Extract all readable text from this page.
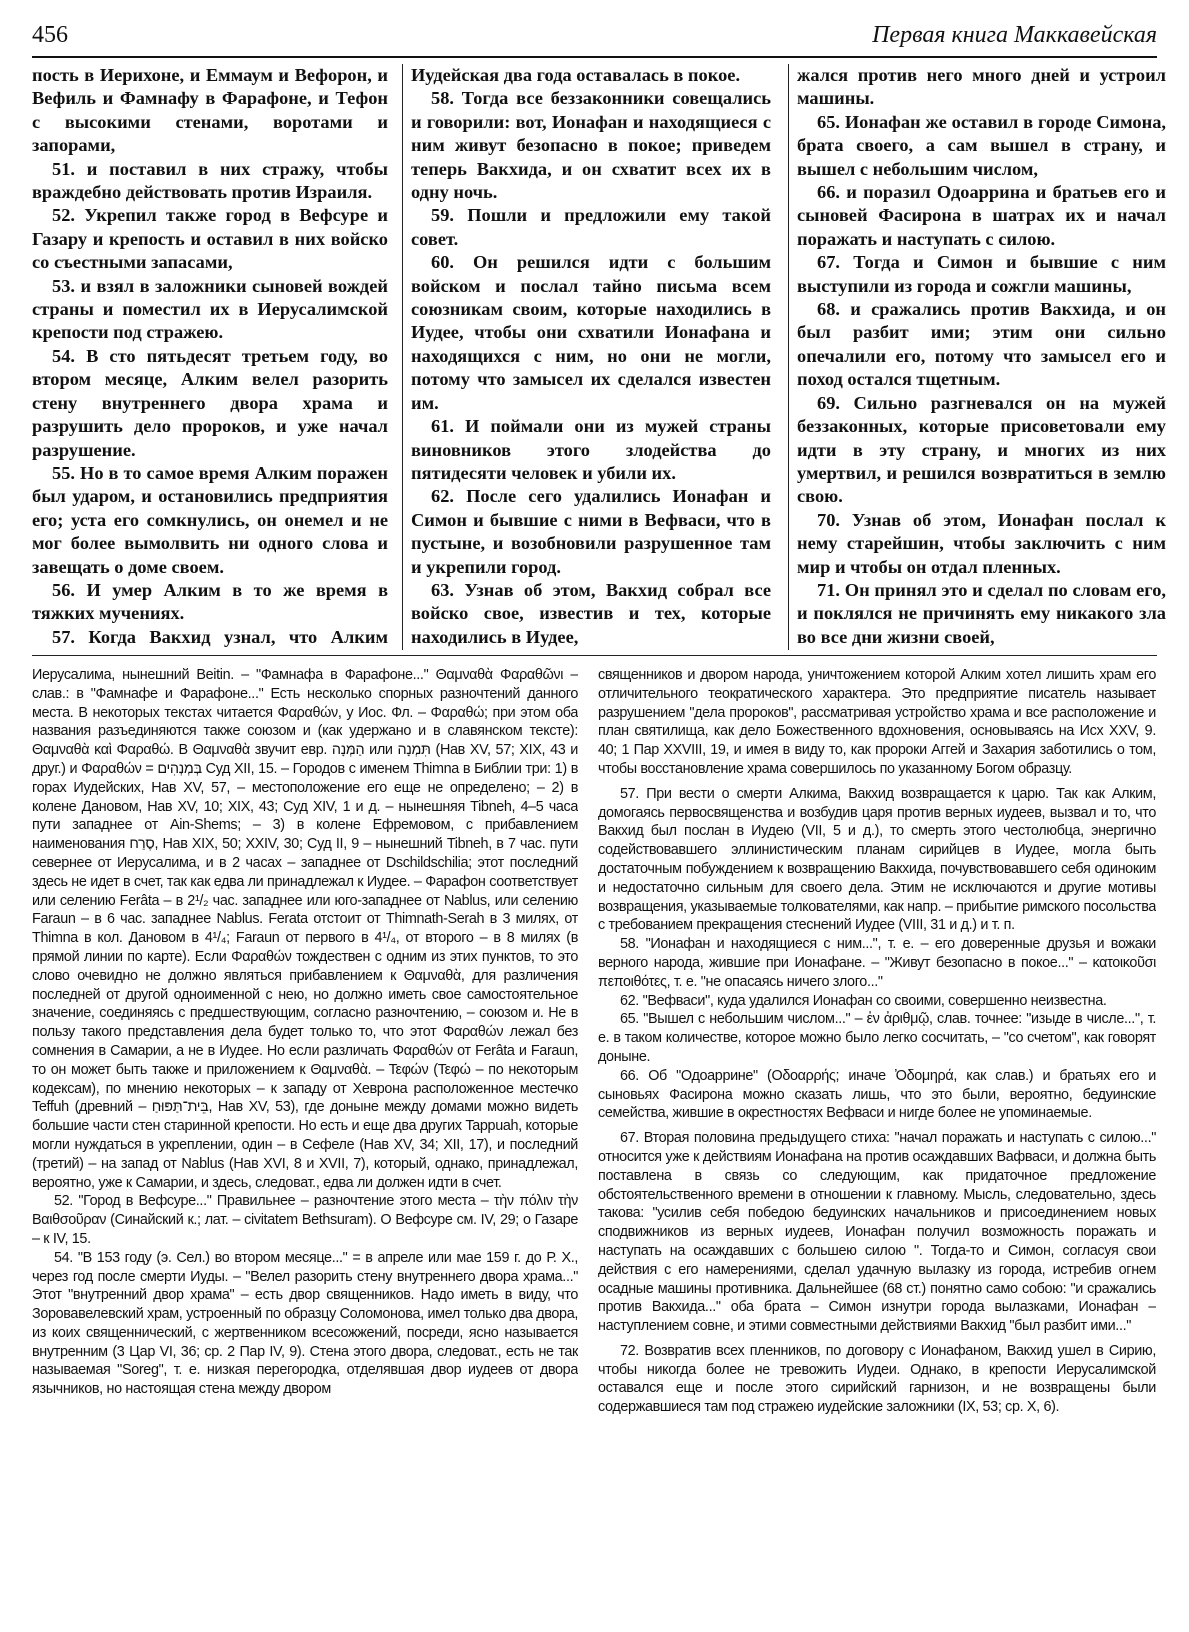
456	Первая книга Маккавейская

пость в Иерихоне, и Еммаум и Вефорон, и Вефиль и Фамнафу в Фарафоне, и Тефон с высокими стенами, воротами и запорами,

51. и поставил в них стражу, чтобы враждебно действовать против Израиля.

52. Укрепил также город в Вефсуре и Газару и крепость и оставил в них войско со съестными запасами,

53. и взял в заложники сыновей вождей страны и поместил их в Иерусалимской крепости под стражею.

54. В сто пятьдесят третьем году, во втором месяце, Алким велел разорить стену внутреннего двора храма и разрушить дело пророков, и уже начал разрушение.

55. Но в то самое время Алким поражен был ударом, и остановились предприятия его; уста его сомкнулись, он онемел и не мог более вымолвить ни одного слова и завещать о доме своем.

56. И умер Алким в то же время в тяжких мучениях.

57. Когда Вакхид узнал, что Алким

Иудейская два года оставалась в покое.

58. Тогда все беззаконники совещались и говорили: вот, Ионафан и находящиеся с ним живут безопасно в покое; приведем теперь Вакхида, и он схватит всех их в одну ночь.

59. Пошли и предложили ему такой совет.

60. Он решился идти с большим войском и послал тайно письма всем союзникам своим, которые находились в Иудее, чтобы они схватили Ионафана и находящихся с ним, но они не могли, потому что замысел их сделался известен им.

61. И поймали они из мужей страны виновников этого злодейства до пятидесяти человек и убили их.

62. После сего удалились Ионафан и Симон и бывшие с ними в Вефваси, что в пустыне, и возобновили разрушенное там и укрепили город.

63. Узнав об этом, Вакхид собрал все войско свое, известив и тех, которые находились в Иудее,

жался против него много дней и устроил машины.

65. Ионафан же оставил в городе Симона, брата своего, а сам вышел в страну, и вышел с небольшим числом,

66. и поразил Одоаррина и братьев его и сыновей Фасирона в шатрах их и начал поражать и наступать с силою.

67. Тогда и Симон и бывшие с ним выступили из города и сожгли машины,

68. и сражались против Вакхида, и он был разбит ими; этим они сильно опечалили его, потому что замысел его и поход остался тщетным.

69. Сильно разгневался он на мужей беззаконных, которые присоветовали ему идти в эту страну, и многих из них умертвил, и решился возвратиться в землю свою.

70. Узнав об этом, Ионафан послал к нему старейшин, чтобы заключить с ним мир и чтобы он отдал пленных.

71. Он принял это и сделал по словам его, и поклялся не причинять ему никакого зла во все дни жизни своей,

Иерусалима, нынешний Beitin. – "Фамнафа в Фарафоне..." Θαμναθὰ Φαραθῶνι – слав.: в "Фамнафе и Фарафоне..." Есть несколько спорных разночтений данного места. В некоторых текстах читается Φαραθών, у Иос. Фл. – Φαραθώ; при этом оба названия разъединяются также союзом и (как удержано и в славянском тексте): Θαμναθὰ καὶ Φαραθώ. В Θαμναθὰ звучит евр. הַמְּנָה или תִּמְנָה (Нав XV, 57; XIX, 43 и друг.) и Φαραθών = בְּמְנְהִים Суд XII, 15. – Городов с именем Thimna в Библии три: 1) в горах Иудейских, Нав XV, 57, – местоположение его еще не определено; – 2) в колене Дановом, Нав XV, 10; XIX, 43; Суд XIV, 1 и д. – нынешняя Tibneh, 4–5 часа пути западнее от Ain-Shems; – 3) в колене Ефремовом, с прибавлением наименования סֶרַח, Нав XIX, 50; XXIV, 30; Суд II, 9 – нынешний Tibneh, в 7 час. пути севернее от Иерусалима, и в 2 часах – западнее от Dschildschilia; этот последний здесь не идет в счет, так как едва ли принадлежал к Иудее. – Фарафон соответствует или селению Ferâta – в 2¹/₂ час. западнее или юго-западнее от Nablus, или селению Faraun – в 6 час. западнее Nablus. Ferata отстоит от Thimnath-Serah в 3 милях, от Thimna в кол. Дановом в 4¹/₄; Faraun от первого в 4¹/₄, от второго – в 8 милях (в прямой линии по карте). Если Φαραθών тождествен с одним из этих пунктов, то это слово очевидно не должно являться прибавлением к Θαμναθὰ, для различения последней от другой одноименной с нею, но должно иметь свое самостоятельное значение, соединяясь с предшествующим, согласно разночтению, – союзом и. Не в пользу такого представления дела будет только то, что этот Φαραθών лежал без сомнения в Самарии, а не в Иудее. Но если различать Φαραθών от Ferâta и Faraun, то он может быть также и приложением к Θαμναθὰ. – Τεφών (Τεφώ – по некоторым кодексам), по мнению некоторых – к западу от Хеврона расположенное местечко Teffuh (древний – בֵּית־תַּפּוּחַ, Нав XV, 53), где доныне между домами можно видеть большие части стен старинной крепости. Но есть и еще два других Tappuah, которые могли нуждаться в укреплении, один – в Сефеле (Нав XV, 34; XII, 17), и последний (третий) – на запад от Nablus (Нав XVI, 8 и XVII, 7), который, однако, принадлежал, вероятно, уже к Самарии, и здесь, следоват., едва ли должен идти в счет.

52. "Город в Вефсуре..." Правильнее – разночтение этого места – τὴν πόλιν τὴν Βαιθσοῦραν (Синайский к.; лат. – civitatem Bethsuram). О Вефсуре см. IV, 29; о Газаре – к IV, 15.

54. "В 153 году (э. Сел.) во втором месяце..." = в апреле или мае 159 г. до Р. Х., через год после смерти Иуды. – "Велел разорить стену внутреннего двора храма..." Этот "внутренний двор храма" – есть двор священников. Надо иметь в виду, что Зоровавелевский храм, устроенный по образцу Соломонова, имел только два двора, из коих священнический, с жертвенником всесожжений, посреди, ясно называется внутренним (3 Цар VI, 36; ср. 2 Пар IV, 9). Стена этого двора, следоват., есть не так называемая "Soreg", т. е. низкая перегородка, отделявшая двор иудеев от двора язычников, но настоящая стена между двором

священников и двором народа, уничтожением которой Алким хотел лишить храм его отличительного теократического характера. Это предприятие писатель называет разрушением "дела пророков", рассматривая устройство храма и все расположение и план святилища, как дело Божественного вдохновения, основываясь на Исх XXV, 9. 40; 1 Пар XXVIII, 19, и имея в виду то, как пророки Аггей и Захария заботились о том, чтобы восстановление храма совершилось по указанному Богом образцу.

57. При вести о смерти Алкима, Вакхид возвращается к царю. Так как Алким, домогаясь первосвященства и возбудив царя против верных иудеев, вызвал и то, что Вакхид был послан в Иудею (VII, 5 и д.), то смерть этого честолюбца, энергично содействовавшего эллинистическим планам сирийцев в Иудее, могла быть достаточным побуждением к возвращению Вакхида, почувствовавшего себя одиноким и недостаточно сильным для своего дела. Этим не исключаются и другие мотивы возвращения, указываемые толкователями, как напр. – прибытие римского посольства с требованием прекращения стеснений Иудее (VIII, 31 и д.) и т. п.

58. "Ионафан и находящиеся с ним...", т. е. – его доверенные друзья и вожаки верного народа, жившие при Ионафане. – "Живут безопасно в покое..." – κατοικοῦσι πεποιθότες, т. е. "не опасаясь ничего злого..."

62. "Вефваси", куда удалился Ионафан со своими, совершенно неизвестна.

65. "Вышел с небольшим числом..." – ἐν ἀριθμῷ, слав. точнее: "изыде в числе...", т. е. в таком количестве, которое можно было легко сосчитать, – "со счетом", как говорят доныне.

66. Об "Одоаррине" (Οδοαρρής; иначе Ὀδομηρά, как слав.) и братьях его и сыновьях Фасирона можно сказать лишь, что это были, вероятно, бедуинские семейства, жившие в окрестностях Вефваси и нигде более не упоминаемые.

67. Вторая половина предыдущего стиха: "начал поражать и наступать с силою..." относится уже к действиям Ионафана на против осаждавших Вафваси, и должна быть поставлена в связь со следующим, как придаточное предложение обстоятельственного времени в отношении к главному. Мысль, следовательно, здесь такова: "усилив себя победою бедуинских начальников и присоединением новых сподвижников из верных иудеев, Ионафан получил возможность поражать и наступать на осаждавших с большею силою ". Тогда-то и Симон, согласуя свои действия с его намерениями, сделал удачную вылазку из города, истребив огнем осадные машины противника. Дальнейшее (68 ст.) понятно само собою: "и сражались против Вакхида..." оба брата – Симон изнутри города вылазками, Ионафан – наступлением совне, и этими совместными действиями Вакхид "был разбит ими..."

72. Возвратив всех пленников, по договору с Ионафаном, Вакхид ушел в Сирию, чтобы никогда более не тревожить Иудеи. Однако, в крепости Иерусалимской оставался еще и после этого сирийский гарнизон, и не возвращены были содержавшиеся там под стражею иудейские заложники (IX, 53; ср. X, 6).
